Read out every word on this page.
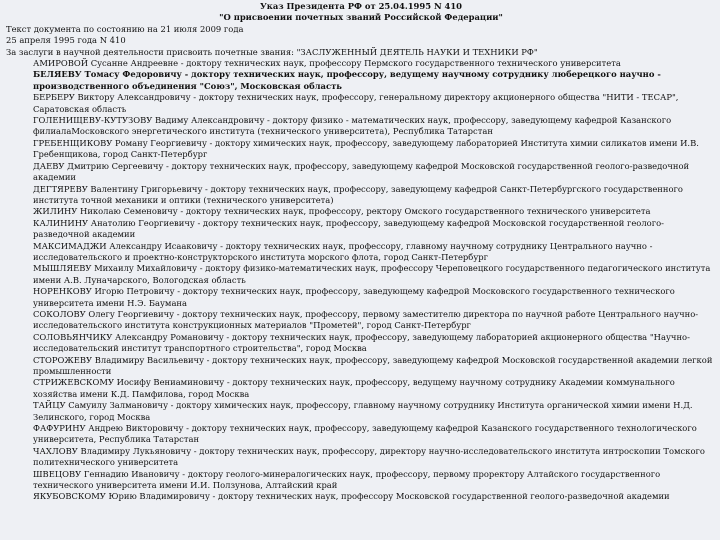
Указ Президента РФ от 25.04.1995 N 410

"О присвоении почетных званий Российской Федерации"

Текст документа по состоянию на 21 июля 2009 года

25 апреля 1995 года N 410

За заслуги в научной деятельности присвоить почетные звания: "ЗАСЛУЖЕННЫЙ ДЕЯТЕЛЬ НАУКИ И ТЕХНИКИ РФ"

АМИРОВОЙ Сусанне Андреевне - доктору технических наук, профессору Пермского государственного технического университета

БЕЛЯЕВУ Томасу Федоровичу - доктору технических наук, профессору, ведущему научному сотруднику люберецкого научно - производственного объединения "Союз", Московская область

БЕРБЕРУ Виктору Александровичу - доктору технических наук, профессору, генеральному директору акционерного общества "НИТИ - ТЕСАР", Саратовская область

ГОЛЕНИЩЕВУ-КУТУЗОВУ Вадиму Александровичу - доктору физико - математических наук, профессору, заведующему кафедрой Казанского филиалаМосковского энергетического института (технического университета), Республика Татарстан

ГРЕБЕНЩИКОВУ Роману Георгиевичу - доктору химических наук, профессору, заведующему лабораторией Института химии силикатов имени И.В. Гребенщикова, город Санкт-Петербург

ДАЕВУ Дмитрию Сергеевичу - доктору технических наук, профессору, заведующему кафедрой Московской государственной геолого-разведочной академии

ДЕГТЯРЕВУ Валентину Григорьевичу - доктору технических наук, профессору, заведующему кафедрой Санкт-Петербургского государственного института точной механики и оптики (технического университета)

ЖИЛИНУ Николаю Семеновичу - доктору технических наук, профессору, ректору Омского государственного технического университета

КАЛИНИНУ Анатолию Георгиевичу - доктору технических наук, профессору, заведующему кафедрой Московской государственной геолого-разведочной академии

МАКСИМАДЖИ Александру Исааковичу - доктору технических наук, профессору, главному научному сотруднику Центрального научно - исследовательского и проектно-конструкторского института морского флота, город Санкт-Петербург

МЫШЛЯЕВУ Михаилу Михайловичу - доктору физико-математических наук, профессору Череповецкого государственного педагогического института имени А.В. Луначарского, Вологодская область

НОРЕНКОВУ Игорю Петровичу - доктору технических наук, профессору, заведующему кафедрой Московского государственного технического университета имени Н.Э. Баумана

СОКОЛОВУ Олегу Георгиевичу - доктору технических наук, профессору, первому заместителю директора по научной работе Центрального научно-исследовательского института конструкционных материалов "Прометей", город Санкт-Петербург

СОЛОВЬЯНЧИКУ Александру Романовичу - доктору технических наук, профессору, заведующему лабораторией акционерного общества "Научно-исследовательский институт транспортного строительства", город Москва

СТОРОЖЕВУ Владимиру Васильевичу - доктору технических наук, профессору, заведующему кафедрой Московской государственной академии легкой промышленности

СТРИЖЕВСКОМУ Иосифу Вениаминовичу - доктору технических наук, профессору, ведущему научному сотруднику Академии коммунального хозяйства имени К.Д. Памфилова, город Москва

ТАЙЦУ Самуилу Залмановичу - доктору химических наук, профессору, главному научному сотруднику Института органической химии имени Н.Д. Зелинского, город Москва

ФАФУРИНУ Андрею Викторовичу - доктору технических наук, профессору, заведующему кафедрой Казанского государственного технологического университета, Республика Татарстан

ЧАХЛОВУ Владимиру Лукьяновичу - доктору технических наук, профессору, директору научно-исследовательского института интроскопии Томского политехнического университета

ШВЕЦОВУ Геннадию Ивановичу - доктору геолого-минералогических наук, профессору, первому проректору Алтайского государственного технического университета имени И.И. Ползунова, Алтайский край

ЯКУБОВСКОМУ Юрию Владимировичу - доктору технических наук, профессору Московской государственной геолого-разведочной академии
